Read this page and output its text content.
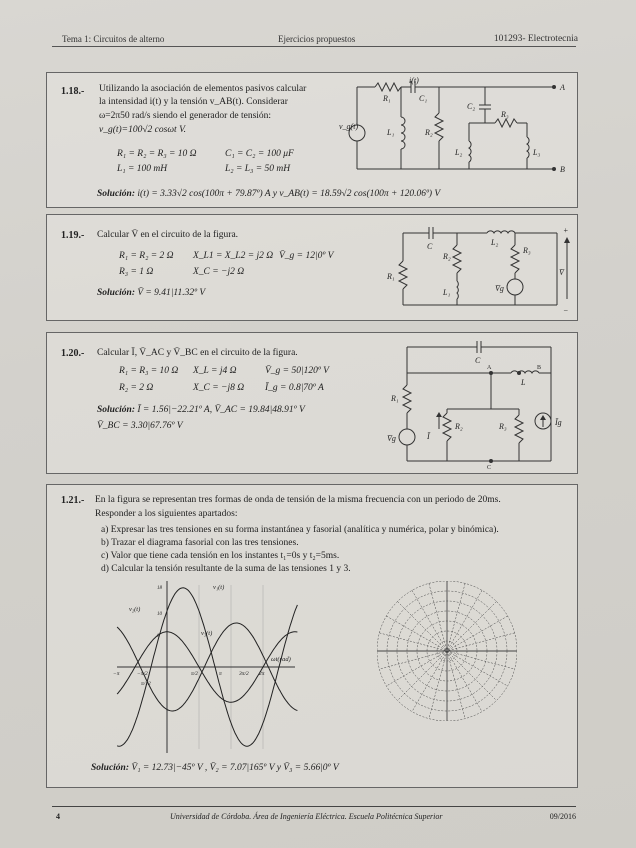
Tema 1: Circuitos de alterno	Ejercicios propuestos	101293- Electrotecnia
1.18.- Utilizando la asociación de elementos pasivos calcular
la intensidad i(t) y la tensión v_AB(t). Considerar
ω=2π50 rad/s siendo el generador de tensión:
v_g(t)=100√2 cosωt V.
R₁ = R₂ = R₃ = 10 Ω	C₁ = C₂ = 100 μF
L₁ = 100 mH	L₂ = L₃ = 50 mH
Solución: i(t) = 3.33√2 cos(100π + 79.87º) A y v_AB(t) = 18.59√2 cos(100π + 120.06º) V
i(t)
R₁	C₁
C₂
R₃
L₁	R₂
L₂	L₃
v_g(t)
A
B
1.19.- Calcular V̄ en el circuito de la figura.
R₁ = R₂ = 2 Ω X_L1 = X_L2 = j2 Ω V̄_g = 12|0º V
R₃ = 1 Ω	X_C = −j2 Ω
Solución: V̄ = 9.41|11.32º V
C	L₂
R₁
R₂
R₃
L₁	V̄g
V̄
+
−
1.20.- Calcular Ī, V̄_AC y V̄_BC en el circuito de la figura.
R₁ = R₃ = 10 Ω X_L = j4 Ω	V̄_g = 50|120º V
R₂ = 2 Ω	X_C = −j8 Ω Ī_g = 0.8|70º A
Solución: Ī = 1.56|−22.21º A, V̄_AC = 19.84|48.91º V
V̄_BC = 3.30|67.76º V
C
A
L
B
R₁
Ī
R₂	R₃	Īg
V̄g
C
1.21.- En la figura se representan tres formas de onda de tensión de la misma frecuencia con un periodo de 20ms.
Responder a los siguientes apartados:
a) Expresar las tres tensiones en su forma instantánea y fasorial (analítica y numérica, polar y binómica).
b) Trazar el diagrama fasorial con las tres tensiones.
c) Valor que tiene cada tensión en los instantes t₁=0s y t₂=5ms.
d) Calcular la tensión resultante de la suma de las tensiones 1 y 3.
v₁(t)
v₂(t)
v₃(t)
ωt(rad)
18
10
8
−π	−π/2	π/2	π	3π/2 2π
π/12
Solución: V̄₁ = 12.73|−45º V , V̄₂ = 7.07|165º V y V̄₃ = 5.66|0º V
4	Universidad de Córdoba. Área de Ingeniería Eléctrica. Escuela Politécnica Superior	09/2016
